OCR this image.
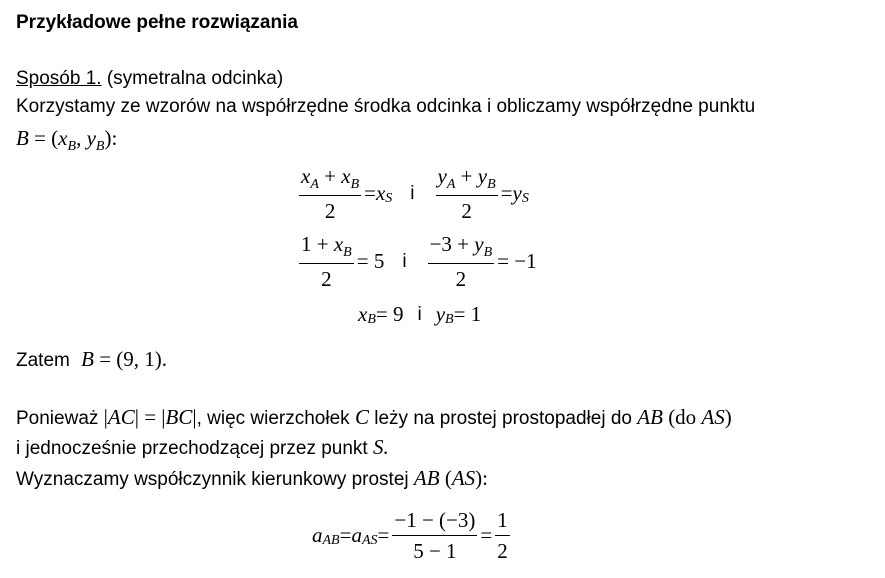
Przykładowe pełne rozwiązania
Sposób 1. (symetralna odcinka)
Korzystamy ze wzorów na współrzędne środka odcinka i obliczamy współrzędne punktu
$B = (x_B$, $y_B$):
$\frac{x_A + x_B}{2} = x$ S i $\frac{y_A + y_B}{2} = y$ S
$\frac{1 + x_B}{2} = 5$ i $\frac{-3 + y_B}{2} = -1$
x B = 9 i y B = 1
Zatem B = (9, 1).
Ponieważ |AC| = |BC|, więc wierzchołek C leży na prostej prostopadłej do AB (do AS)
i jednocześnie przechodzącej przez punkt S.
Wyznaczamy współczynnik kierunkowy prostej AB (AS):
a AB = a AS = $\frac{-1 - (-3)}{5 - 1} = \frac{1}{2}$
